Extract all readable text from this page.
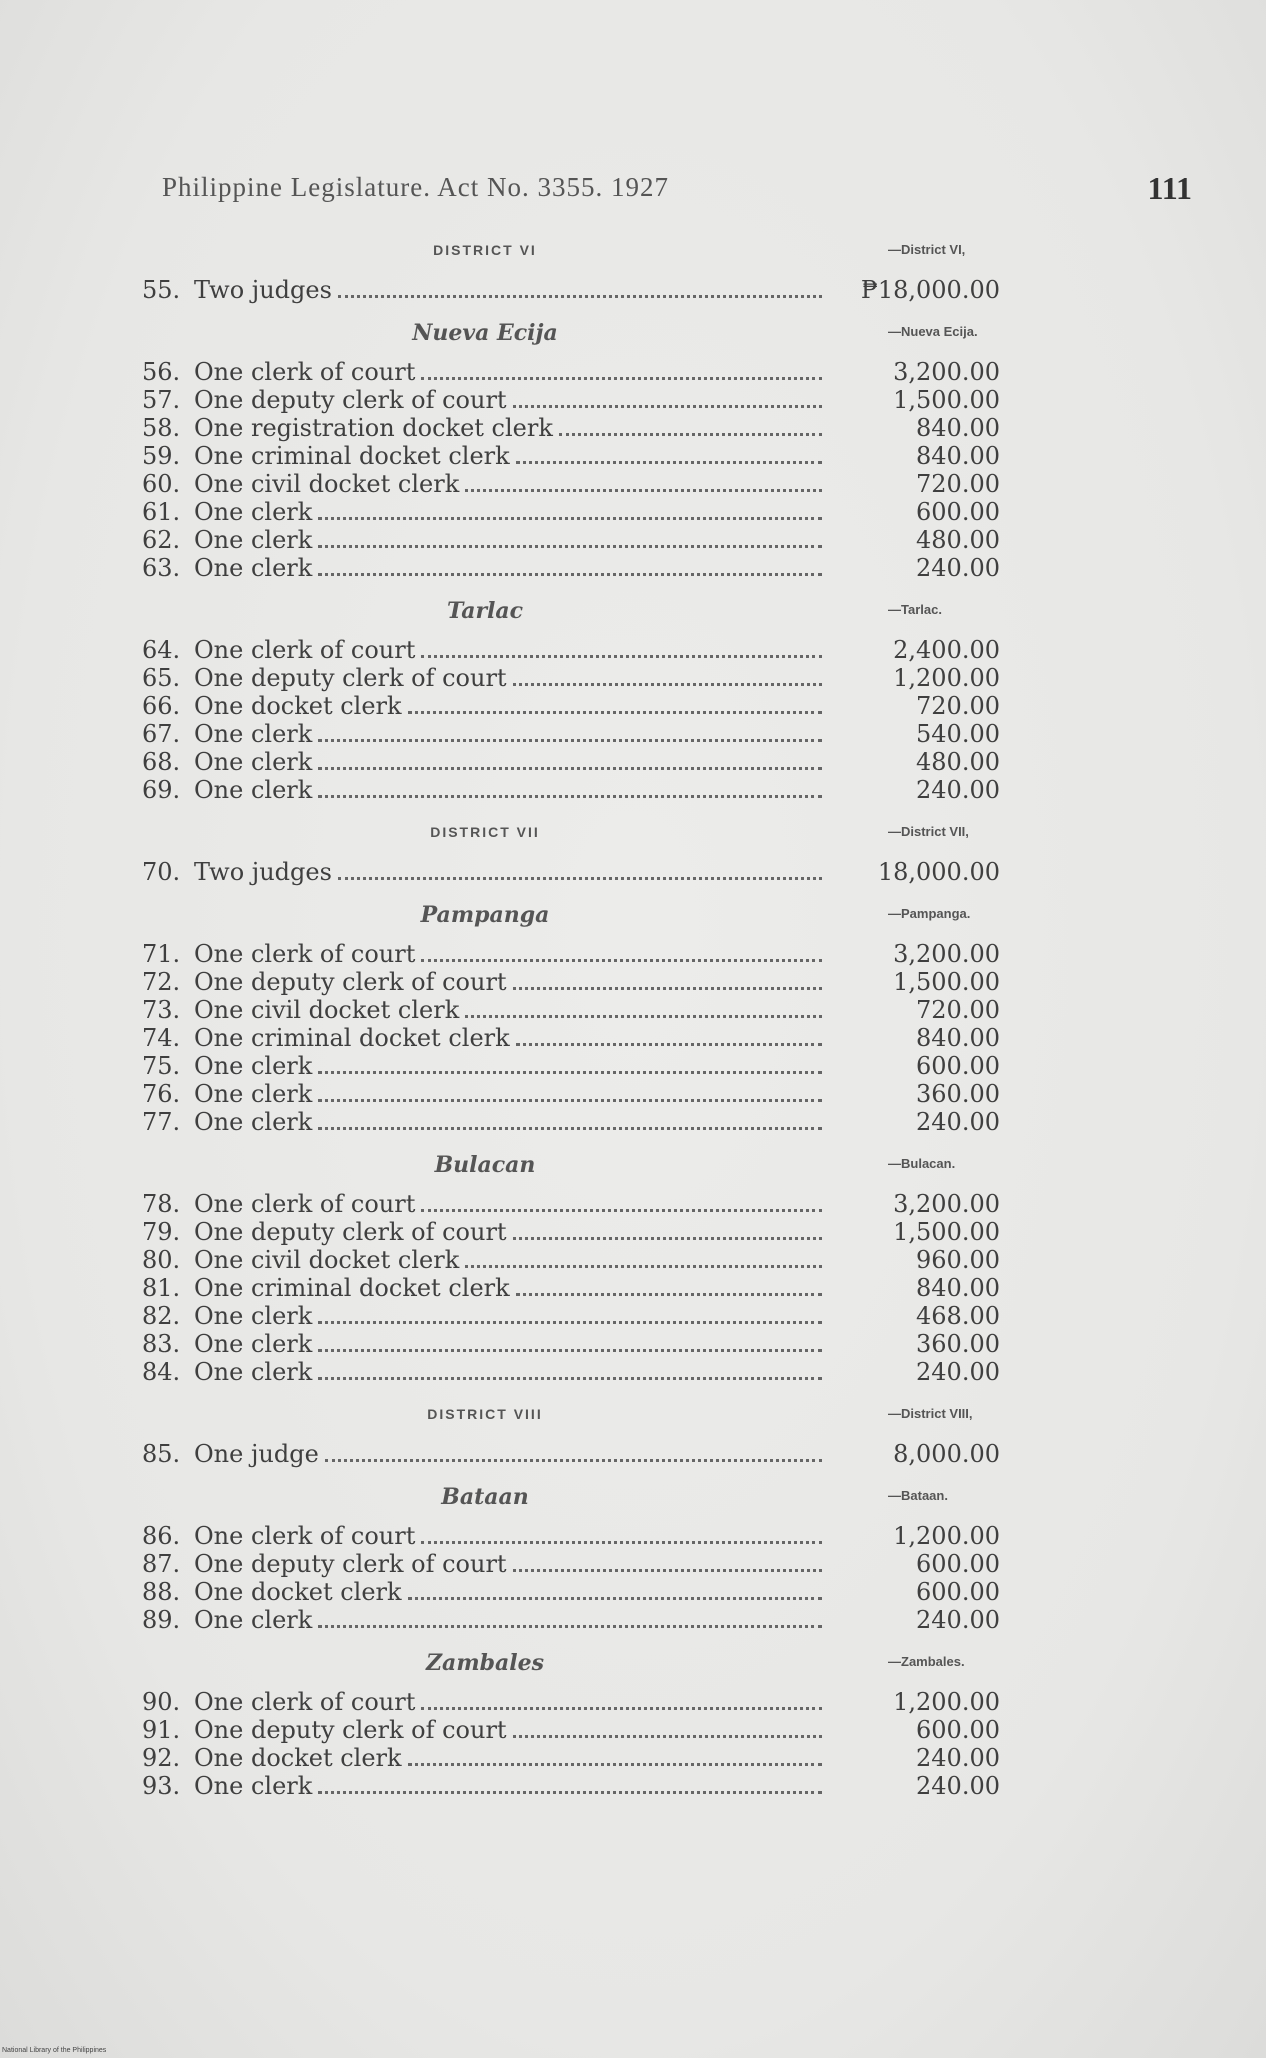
Philippine Legislature. Act No. 3355. 1927	111
DISTRICT VI	—District VI,
55. Two judges	₱18,000.00
Nueva Ecija	—Nueva Ecija.
56. One clerk of court	3,200.00
57. One deputy clerk of court	1,500.00
58. One registration docket clerk	840.00
59. One criminal docket clerk	840.00
60. One civil docket clerk	720.00
61. One clerk	600.00
62. One clerk	480.00
63. One clerk	240.00
Tarlac	—Tarlac.
64. One clerk of court	2,400.00
65. One deputy clerk of court	1,200.00
66. One docket clerk	720.00
67. One clerk	540.00
68. One clerk	480.00
69. One clerk	240.00
DISTRICT VII	—District VII,
70. Two judges	18,000.00
Pampanga	—Pampanga.
71. One clerk of court	3,200.00
72. One deputy clerk of court	1,500.00
73. One civil docket clerk	720.00
74. One criminal docket clerk	840.00
75. One clerk	600.00
76. One clerk	360.00
77. One clerk	240.00
Bulacan	—Bulacan.
78. One clerk of court	3,200.00
79. One deputy clerk of court	1,500.00
80. One civil docket clerk	960.00
81. One criminal docket clerk	840.00
82. One clerk	468.00
83. One clerk	360.00
84. One clerk	240.00
DISTRICT VIII	—District VIII,
85. One judge	8,000.00
Bataan	—Bataan.
86. One clerk of court	1,200.00
87. One deputy clerk of court	600.00
88. One docket clerk	600.00
89. One clerk	240.00
Zambales	—Zambales.
90. One clerk of court	1,200.00
91. One deputy clerk of court	600.00
92. One docket clerk	240.00
93. One clerk	240.00
National Library of the Philippines
